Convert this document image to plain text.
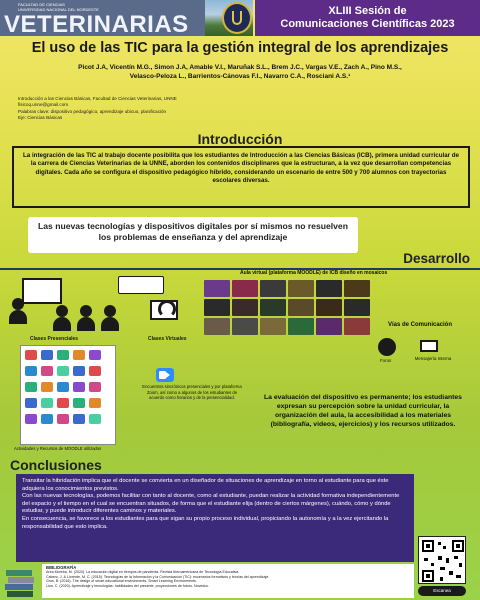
FACULTAD DE CIENCIAS
UNIVERSIDAD NACIONAL DEL NORDESTE
VETERINARIAS	XLIII Sesión de
Comunicaciones Científicas 2023
El uso de las TIC para la gestión integral de los aprendizajes
Picot J.A, Vicentín M.G., Simon J.A, Amable V.I., Maruñak S.L., Brem J.C., Vargas V.E., Zach A., Pino M.S.,
Velasco-Peloza L., Barrientos-Cánovas F.I., Navarro C.A., Rosciani A.S.¹
Introducción a las Ciencias Básicas, Facultad de Ciencias Veterinarias, UNNE
fisicoq.unne@gmail.com
Palabras clave: dispositivo pedagógico, aprendizaje ubicuo, planificación
Eje: Ciencias Básicas
Introducción
La integración de las TIC al trabajo docente posibilita que los estudiantes de Introducción a las Ciencias Básicas (ICB), primera unidad curricular de la carrera de Ciencias Veterinarias de la UNNE, aborden los contenidos disciplinares que la estructuran, a la vez que desarrollan competencias digitales. Cada año se configura el dispositivo pedagógico híbrido, considerando un escenario de entre 500 y 700 alumnos con trayectorias escolares diversas.
Las nuevas tecnologías y dispositivos digitales por sí mismos no resuelven los problemas de enseñanza y del aprendizaje
Desarrollo
Clases Presenciales	Clases Virtuales
Aula virtual (plataforma MOODLE) de ICB diseño en mosaicos
Vías de Comunicación
Foros	Mensajería Interna
Actividades y Recursos de MOODLE utilizados
Encuentros sincrónicos presenciales y por plataforma Zoom, así como a algunos de los estudiantes de acuerdo como horarios y de la presencialidad.	La evaluación del dispositivo es permanente; los estudiantes expresan su percepción sobre la unidad curricular, la organización del aula, la accesibilidad a los materiales (bibliografía, videos, ejercicios) y los recursos utilizados.
Conclusiones
Transitar la hibridación implica que el docente se convierta en un diseñador de situaciones de aprendizaje en torno al estudiante para que éste adquiera los conocimientos previstos.
Con las nuevas tecnologías, podemos facilitar con tanto al docente, como al estudiante, puedan realizar la actividad formativa independientemente del espacio y el tiempo en el cual se encuentran situados, de forma que el estudiante elija (dentro de ciertos márgenes), cuándo, cómo y dónde estudiar, y puede introducir diferentes caminos y materiales.
En consecuencia, se favorece a los estudiantes para que sigan su propio proceso individual, propiciando la autonomía y a la vez ejercitando la responsabilidad que esto implica.
Escanea
BIBLIOGRAFÍA
Area Moreira, M. (2020). La educación digital en tiempos de pandemia. Revista Iberoamericana de Tecnología Educativa.
Cabero, J. & Llorente, M. C. (2015). Tecnologías de la Información y la Comunicación (TIC): escenarios formativos y teorías del aprendizaje.
Gros, B. (2016). The design of smart educational environments. Smart Learning Environments.
Lion, C. (2020). Aprendizaje y tecnologías: habilidades del presente, proyecciones de futuro. Noveduc.
